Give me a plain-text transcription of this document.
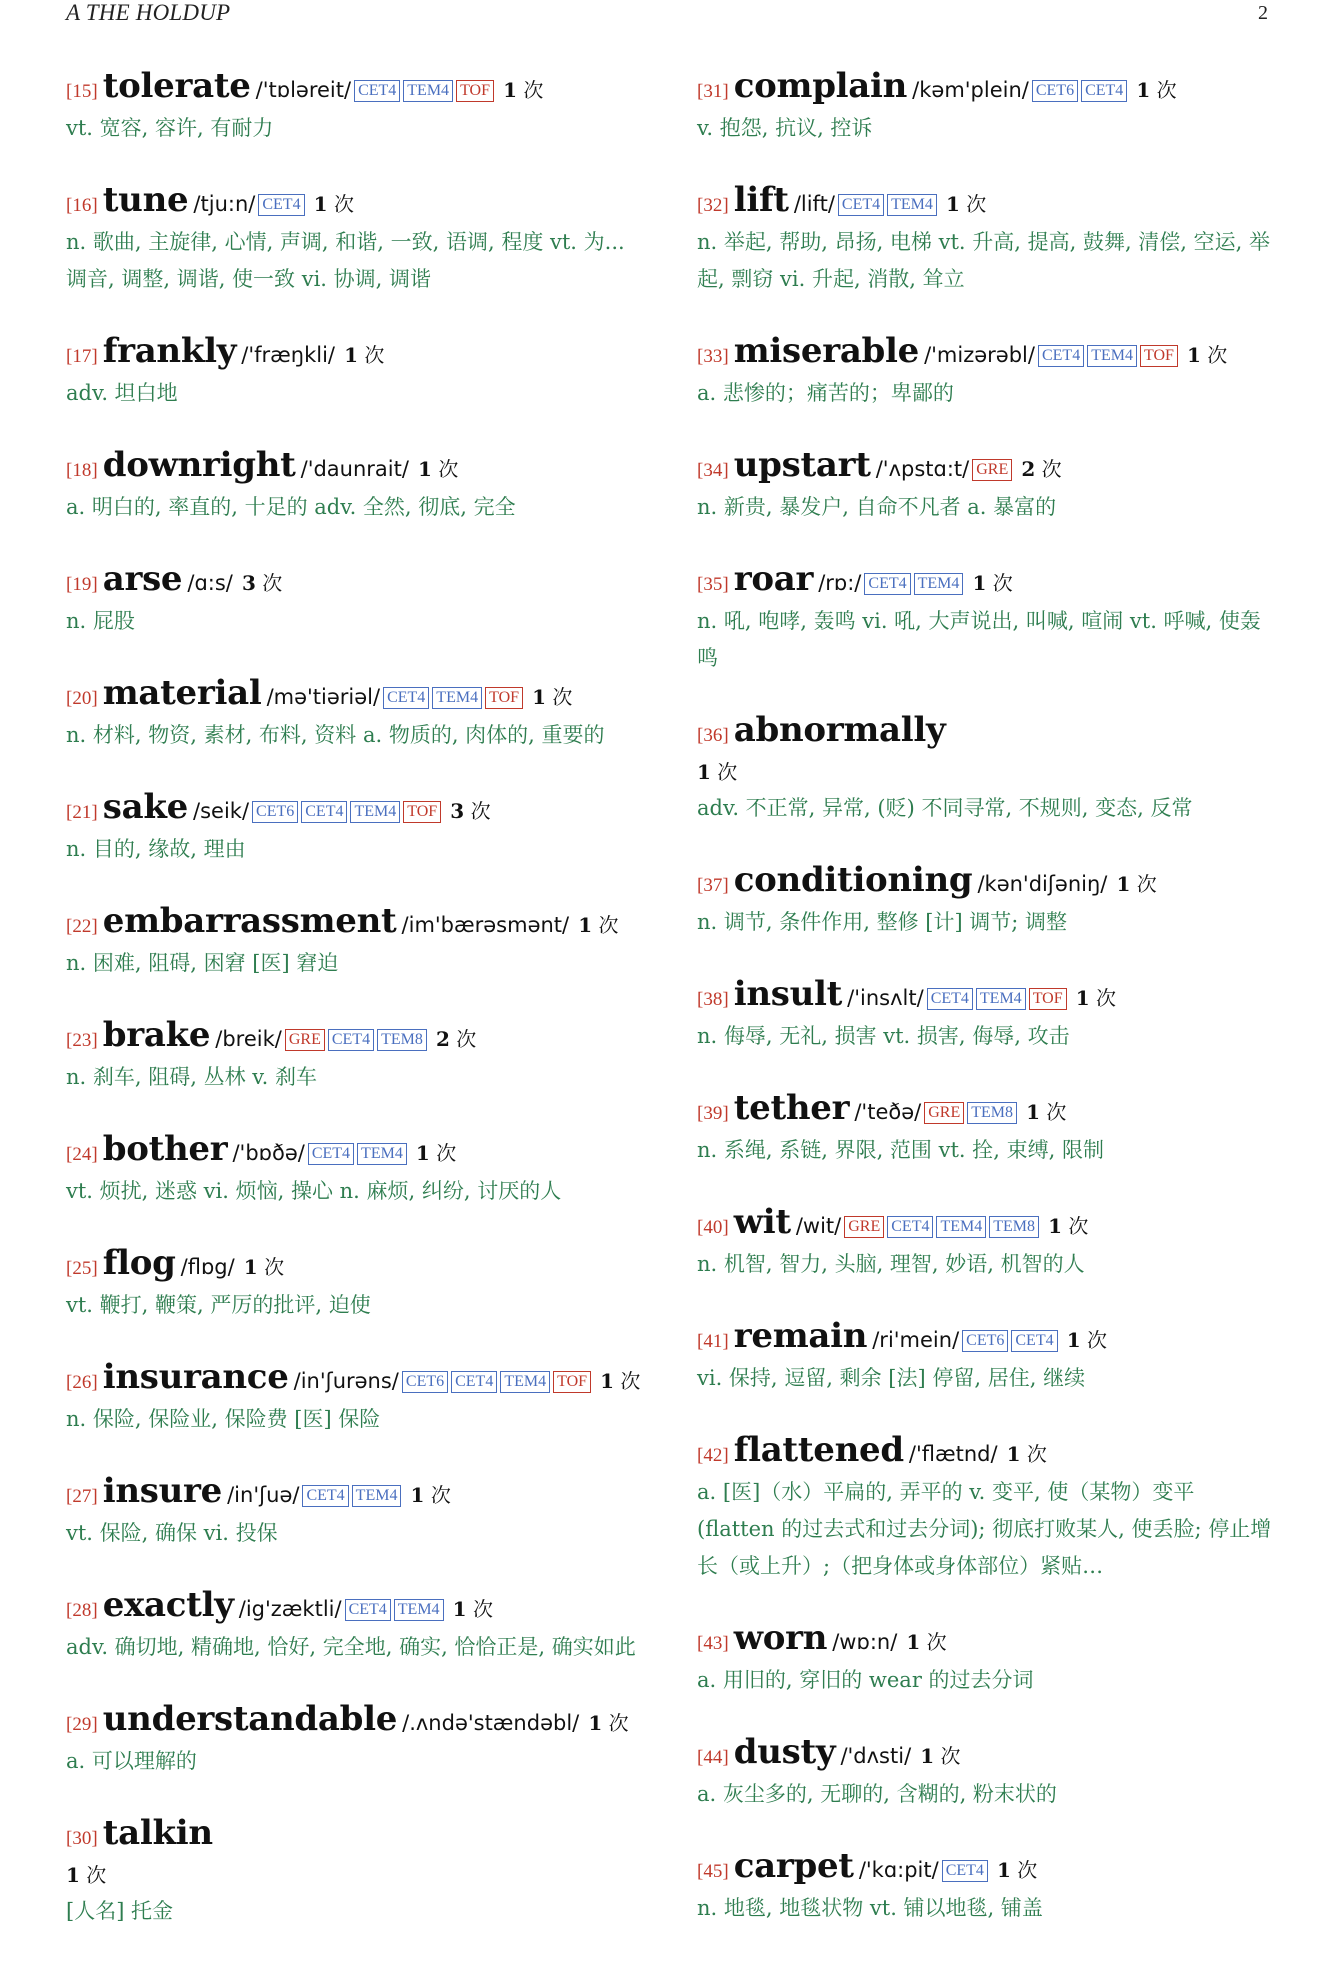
A THE HOLDUP	2
[15] tolerate /'tɒləreit/ CET4 TEM4 TOF 1 次
vt. 宽容, 容许, 有耐力
[16] tune /tju:n/ CET4 1 次
n. 歌曲, 主旋律, 心情, 声调, 和谐, 一致, 语调, 程度 vt. 为... 调音, 调整, 调谐, 使一致 vi. 协调, 调谐
[17] frankly /'fræŋkli/ 1 次
adv. 坦白地
[18] downright /'daunrait/ 1 次
a. 明白的, 率直的, 十足的 adv. 全然, 彻底, 完全
[19] arse /ɑ:s/ 3 次
n. 屁股
[20] material /mə'tiəriəl/ CET4 TEM4 TOF 1 次
n. 材料, 物资, 素材, 布料, 资料 a. 物质的, 肉体的, 重要的
[21] sake /seik/ CET6 CET4 TEM4 TOF 3 次
n. 目的, 缘故, 理由
[22] embarrassment /im'bærəsmənt/ 1 次
n. 困难, 阻碍, 困窘 [医] 窘迫
[23] brake /breik/ GRE CET4 TEM8 2 次
n. 刹车, 阻碍, 丛林 v. 刹车
[24] bother /'bɒðə/ CET4 TEM4 1 次
vt. 烦扰, 迷惑 vi. 烦恼, 操心 n. 麻烦, 纠纷, 讨厌的人
[25] flog /flɒg/ 1 次
vt. 鞭打, 鞭策, 严厉的批评, 迫使
[26] insurance /in'ʃurəns/ CET6 CET4 TEM4 TOF 1 次
n. 保险, 保险业, 保险费 [医] 保险
[27] insure /in'ʃuə/ CET4 TEM4 1 次
vt. 保险, 确保 vi. 投保
[28] exactly /ig'zæktli/ CET4 TEM4 1 次
adv. 确切地, 精确地, 恰好, 完全地, 确实, 恰恰正是, 确实如此
[29] understandable /.ʌndə'stændəbl/ 1 次
a. 可以理解的
[30] talkin
1 次
[人名] 托金
[31] complain /kəm'plein/ CET6 CET4 1 次
v. 抱怨, 抗议, 控诉
[32] lift /lift/ CET4 TEM4 1 次
n. 举起, 帮助, 昂扬, 电梯 vt. 升高, 提高, 鼓舞, 清偿, 空运, 举起, 剽窃 vi. 升起, 消散, 耸立
[33] miserable /'mizərəbl/ CET4 TEM4 TOF 1 次
a. 悲惨的；痛苦的；卑鄙的
[34] upstart /'ʌpstɑ:t/ GRE 2 次
n. 新贵, 暴发户, 自命不凡者 a. 暴富的
[35] roar /rɒ:/ CET4 TEM4 1 次
n. 吼, 咆哮, 轰鸣 vi. 吼, 大声说出, 叫喊, 喧闹 vt. 呼喊, 使轰鸣
[36] abnormally
1 次
adv. 不正常, 异常, (贬) 不同寻常, 不规则, 变态, 反常
[37] conditioning /kən'diʃəniŋ/ 1 次
n. 调节, 条件作用, 整修 [计] 调节; 调整
[38] insult /'insʌlt/ CET4 TEM4 TOF 1 次
n. 侮辱, 无礼, 损害 vt. 损害, 侮辱, 攻击
[39] tether /'teðə/ GRE TEM8 1 次
n. 系绳, 系链, 界限, 范围 vt. 拴, 束缚, 限制
[40] wit /wit/ GRE CET4 TEM4 TEM8 1 次
n. 机智, 智力, 头脑, 理智, 妙语, 机智的人
[41] remain /ri'mein/ CET6 CET4 1 次
vi. 保持, 逗留, 剩余 [法] 停留, 居住, 继续
[42] flattened /'flætnd/ 1 次
a. [医]（水）平扁的, 弄平的 v. 变平, 使（某物）变平 (flatten 的过去式和过去分词); 彻底打败某人, 使丢脸; 停止增长（或上升）;（把身体或身体部位）紧贴…
[43] worn /wɒ:n/ 1 次
a. 用旧的, 穿旧的 wear 的过去分词
[44] dusty /'dʌsti/ 1 次
a. 灰尘多的, 无聊的, 含糊的, 粉末状的
[45] carpet /'kɑ:pit/ CET4 1 次
n. 地毯, 地毯状物 vt. 铺以地毯, 铺盖
